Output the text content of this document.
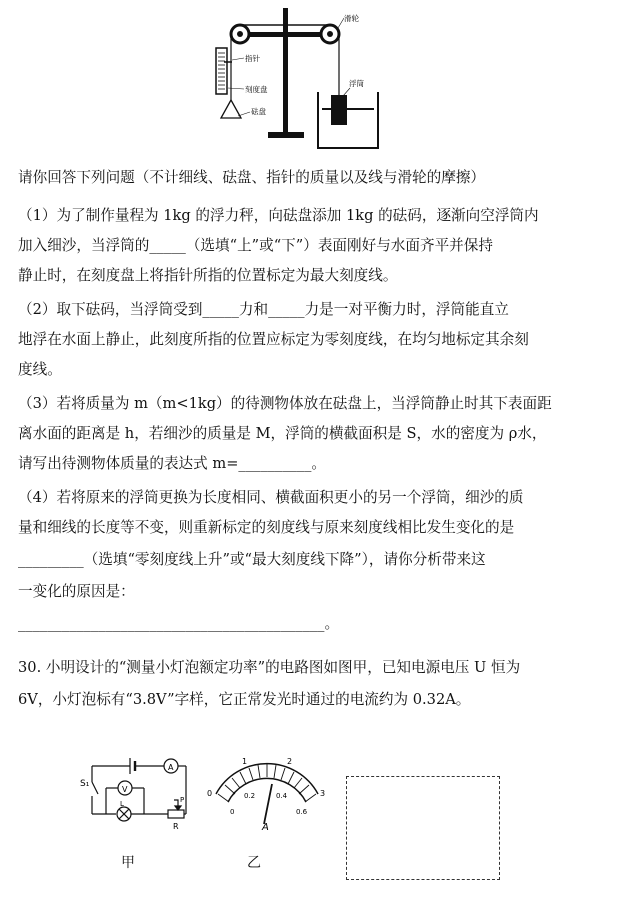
滑轮
指针
刻度盘
砝盘
浮筒
请你回答下列问题（不计细线、砝盘、指针的质量以及线与滑轮的摩擦）
（1）为了制作量程为 1kg 的浮力秤，向砝盘添加 1kg 的砝码，逐渐向空浮筒内
加入细沙，当浮筒的_____（选填“上”或“下”）表面刚好与水面齐平并保持
静止时，在刻度盘上将指针所指的位置标定为最大刻度线。
（2）取下砝码，当浮筒受到_____力和_____力是一对平衡力时，浮筒能直立
地浮在水面上静止，此刻度所指的位置应标定为零刻度线，在均匀地标定其余刻
度线。
（3）若将质量为 m（m<1kg）的待测物体放在砝盘上，当浮筒静止时其下表面距
离水面的距离是 h，若细沙的质量是 M，浮筒的横截面积是 S，水的密度为 ρ水，
请写出待测物体质量的表达式 m=__________。
（4）若将原来的浮筒更换为长度相同、横截面积更小的另一个浮筒，细沙的质
量和细线的长度等不变，则重新标定的刻度线与原来刻度线相比发生变化的是
_________（选填“零刻度线上升”或“最大刻度线下降”），请你分析带来这
一变化的原因是：
__________________________________________。
30. 小明设计的“测量小灯泡额定功率”的电路图如图甲，已知电源电压 U 恒为
6V，小灯泡标有“3.8V”字样，它正常发光时通过的电流约为 0.32A。
S₁
A
V
L	P
R
甲
0
1	2
3
0
0.2	0.4
0.6
A
乙
